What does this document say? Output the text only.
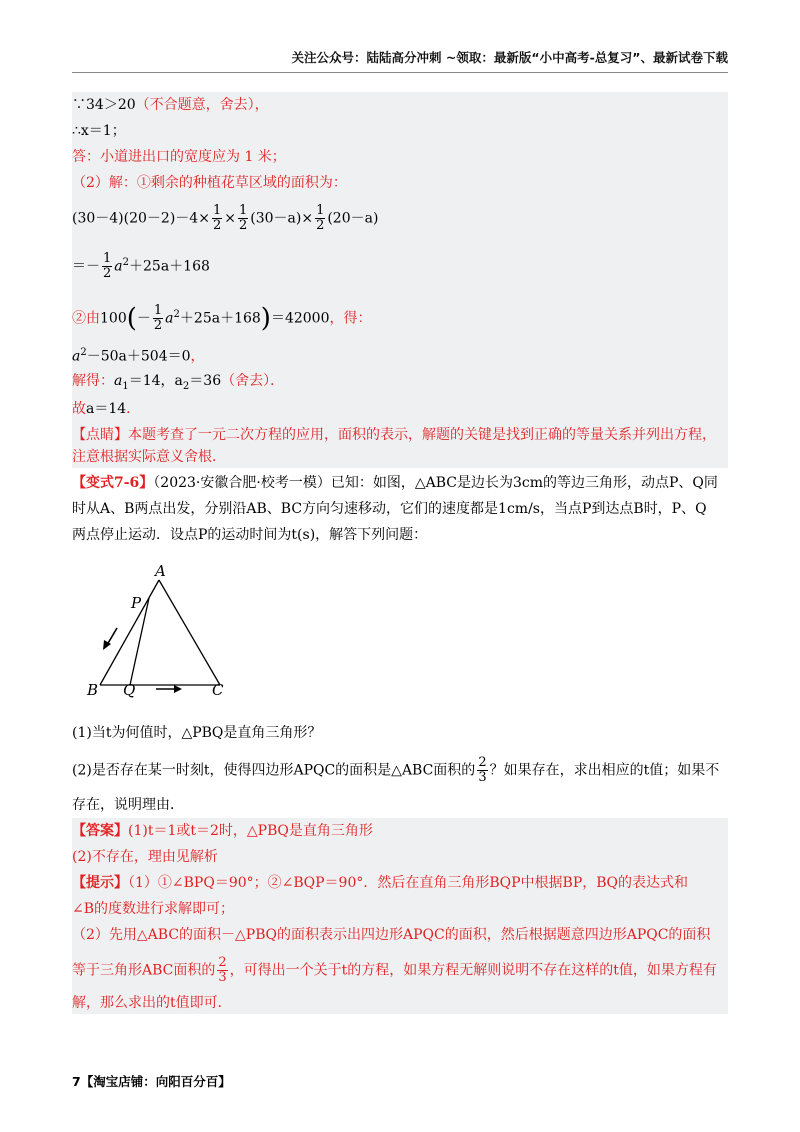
关注公众号：陆陆高分冲刺 ~领取：最新版“小中高考-总复习”、最新试卷下载
∵34＞20（不合题意，舍去），
∴x＝1；
答：小道进出口的宽度应为 1 米；
（2）解：①剩余的种植花草区域的面积为：
$(30-4)(20-2)-4\times \frac{1}{2} \times \frac{1}{2} (30-a)\times \frac{1}{2} (20-a)$
＝－ $\frac{1}{2} a^2+25a+168$
②由$100(- \frac{1}{2} a^2+25a+168)=42000$，得：
$a^2-50a+504=0$，
解得：$a_1=14$，$a_2=36$（舍去）．
故a＝14．
【点睛】本题考查了一元二次方程的应用，面积的表示，解题的关键是找到正确的等量关系并列出方程，
注意根据实际意义舍根．
【变式7-6】（2023·安徽合肥·校考一模）已知：如图，△ABC是边长为3cm的等边三角形，动点P、Q同
时从A、B两点出发，分别沿AB、BC方向匀速移动，它们的速度都是1cm/s，当点P到达点B时，P、Q
两点停止运动．设点P的运动时间为t(s)，解答下列问题：
A
P
B Q	C
(1)当t为何值时，△PBQ是直角三角形？
(2)是否存在某一时刻t，使得四边形APQC的面积是△ABC面积的 $\frac{2}{3}$ ？如果存在，求出相应的t值；如果不
存在，说明理由．
【答案】(1)t＝1或t＝2时，△PBQ是直角三角形
(2)不存在，理由见解析
【提示】（1）①∠BPQ＝90°；②∠BQP＝90°．然后在直角三角形BQP中根据BP，BQ的表达式和
∠B的度数进行求解即可；
（2）先用△ABC的面积－△PBQ的面积表示出四边形APQC的面积，然后根据题意四边形APQC的面积
等于三角形ABC面积的 $\frac{2}{3}$ ，可得出一个关于t的方程，如果方程无解则说明不存在这样的t值，如果方程有
解，那么求出的t值即可．
7【淘宝店铺：向阳百分百】
